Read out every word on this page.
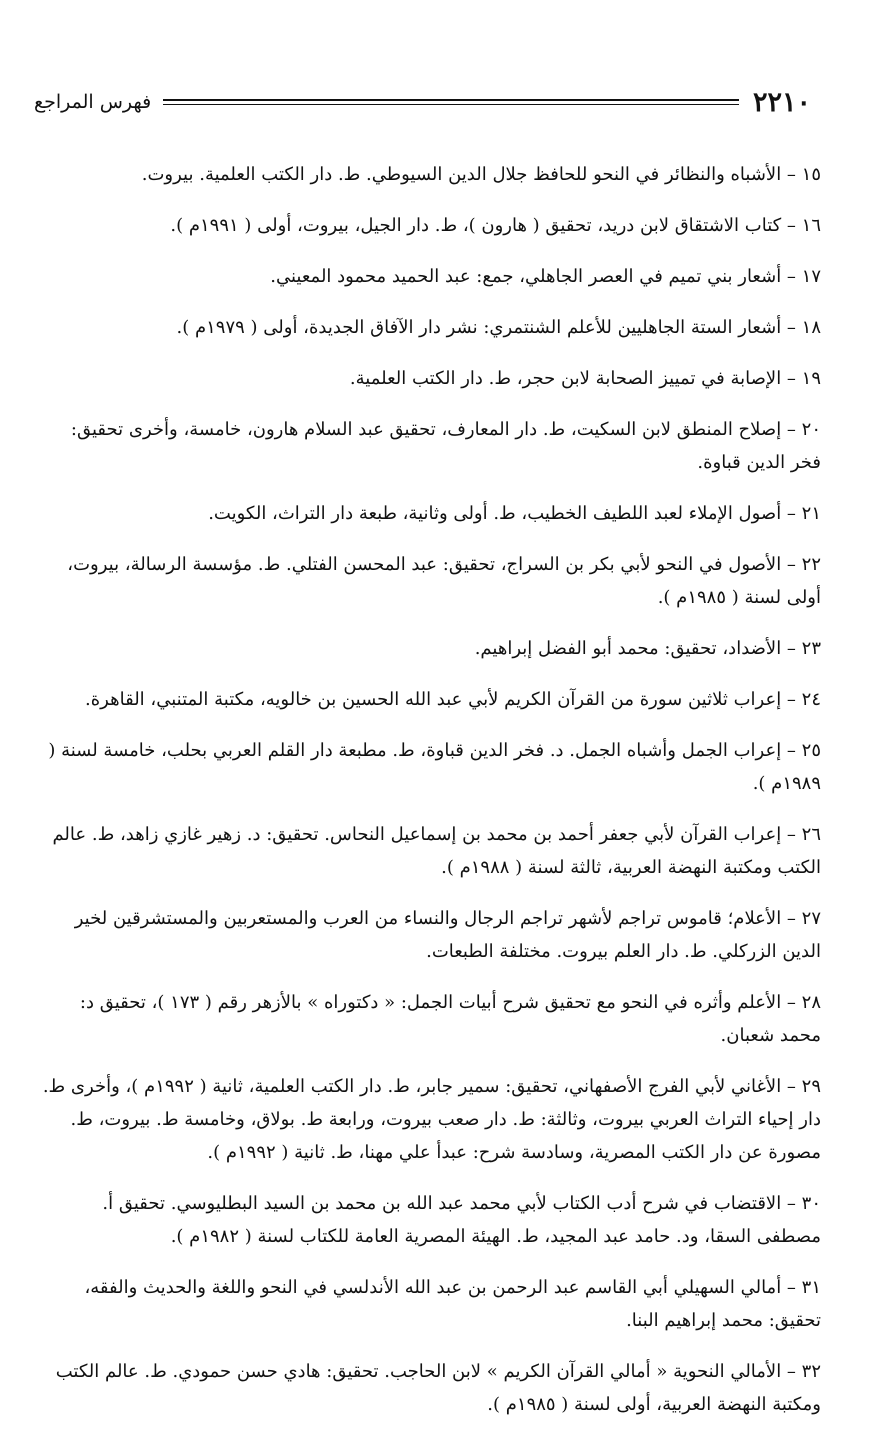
٢٢١٠
فهرس المراجع

١٥ – الأشباه والنظائر في النحو للحافظ جلال الدين السيوطي. ط. دار الكتب العلمية. بيروت.

١٦ – كتاب الاشتقاق لابن دريد، تحقيق ( هارون )، ط. دار الجيل، بيروت، أولى ( ١٩٩١م ).

١٧ – أشعار بني تميم في العصر الجاهلي، جمع: عبد الحميد محمود المعيني.

١٨ – أشعار الستة الجاهليين للأعلم الشنتمري: نشر دار الآفاق الجديدة، أولى ( ١٩٧٩م ).

١٩ – الإصابة في تمييز الصحابة لابن حجر، ط. دار الكتب العلمية.

٢٠ – إصلاح المنطق لابن السكيت، ط. دار المعارف، تحقيق عبد السلام هارون، خامسة، وأخرى تحقيق: فخر الدين قباوة.

٢١ – أصول الإملاء لعبد اللطيف الخطيب، ط. أولى وثانية، طبعة دار التراث، الكويت.

٢٢ – الأصول في النحو لأبي بكر بن السراج، تحقيق: عبد المحسن الفتلي. ط. مؤسسة الرسالة، بيروت، أولى لسنة ( ١٩٨٥م ).

٢٣ – الأضداد، تحقيق: محمد أبو الفضل إبراهيم.

٢٤ – إعراب ثلاثين سورة من القرآن الكريم لأبي عبد الله الحسين بن خالويه، مكتبة المتنبي، القاهرة.

٢٥ – إعراب الجمل وأشباه الجمل. د. فخر الدين قباوة، ط. مطبعة دار القلم العربي بحلب، خامسة لسنة ( ١٩٨٩م ).

٢٦ – إعراب القرآن لأبي جعفر أحمد بن محمد بن إسماعيل النحاس. تحقيق: د. زهير غازي زاهد، ط. عالم الكتب ومكتبة النهضة العربية، ثالثة لسنة ( ١٩٨٨م ).

٢٧ – الأعلام؛ قاموس تراجم لأشهر تراجم الرجال والنساء من العرب والمستعربين والمستشرقين لخير الدين الزركلي. ط. دار العلم بيروت. مختلفة الطبعات.

٢٨ – الأعلم وأثره في النحو مع تحقيق شرح أبيات الجمل: « دكتوراه » بالأزهر رقم ( ١٧٣ )، تحقيق د: محمد شعبان.

٢٩ – الأغاني لأبي الفرج الأصفهاني، تحقيق: سمير جابر، ط. دار الكتب العلمية، ثانية ( ١٩٩٢م )، وأخرى ط. دار إحياء التراث العربي بيروت، وثالثة: ط. دار صعب بيروت، ورابعة ط. بولاق، وخامسة ط. بيروت، ط. مصورة عن دار الكتب المصرية، وسادسة شرح: عبدأ علي مهنا، ط. ثانية ( ١٩٩٢م ).

٣٠ – الاقتضاب في شرح أدب الكتاب لأبي محمد عبد الله بن محمد بن السيد البطليوسي. تحقيق أ. مصطفى السقا، ود. حامد عبد المجيد، ط. الهيئة المصرية العامة للكتاب لسنة ( ١٩٨٢م ).

٣١ – أمالي السهيلي أبي القاسم عبد الرحمن بن عبد الله الأندلسي في النحو واللغة والحديث والفقه، تحقيق: محمد إبراهيم البنا.

٣٢ – الأمالي النحوية « أمالي القرآن الكريم » لابن الحاجب. تحقيق: هادي حسن حمودي. ط. عالم الكتب ومكتبة النهضة العربية، أولى لسنة ( ١٩٨٥م ).
